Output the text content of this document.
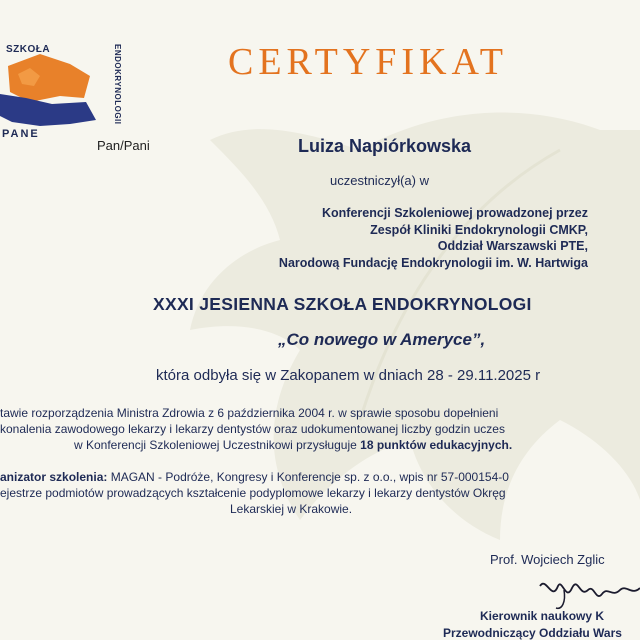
SZKOŁA	ENDOKRYNOLOGII
PANE
CERTYFIKAT
Pan/Pani	Luiza Napiórkowska
uczestniczył(a) w
Konferencji Szkoleniowej prowadzonej przez
Zespół Kliniki Endokrynologii CMKP,
Oddział Warszawski PTE,
Narodową Fundację Endokrynologii im. W. Hartwiga
XXXI JESIENNA SZKOŁA ENDOKRYNOLOGI
„Co nowego w Ameryce”,
która odbyła się w Zakopanem w dniach 28 - 29.11.2025 r
tawie rozporządzenia Ministra Zdrowia z 6 października 2004 r. w sprawie sposobu dopełnieni
konalenia zawodowego lekarzy i lekarzy dentystów oraz udokumentowanej liczby godzin uczes
w Konferencji Szkoleniowej Uczestnikowi przysługuje 18 punktów edukacyjnych.
anizator szkolenia: MAGAN - Podróże, Kongresy i Konferencje sp. z o.o., wpis nr 57-000154-0
ejestrze podmiotów prowadzących kształcenie podyplomowe lekarzy i lekarzy dentystów Okręg
Lekarskiej w Krakowie.
Prof. Wojciech Zglic
Kierownik naukowy K
Przewodniczący Oddziału Wars
